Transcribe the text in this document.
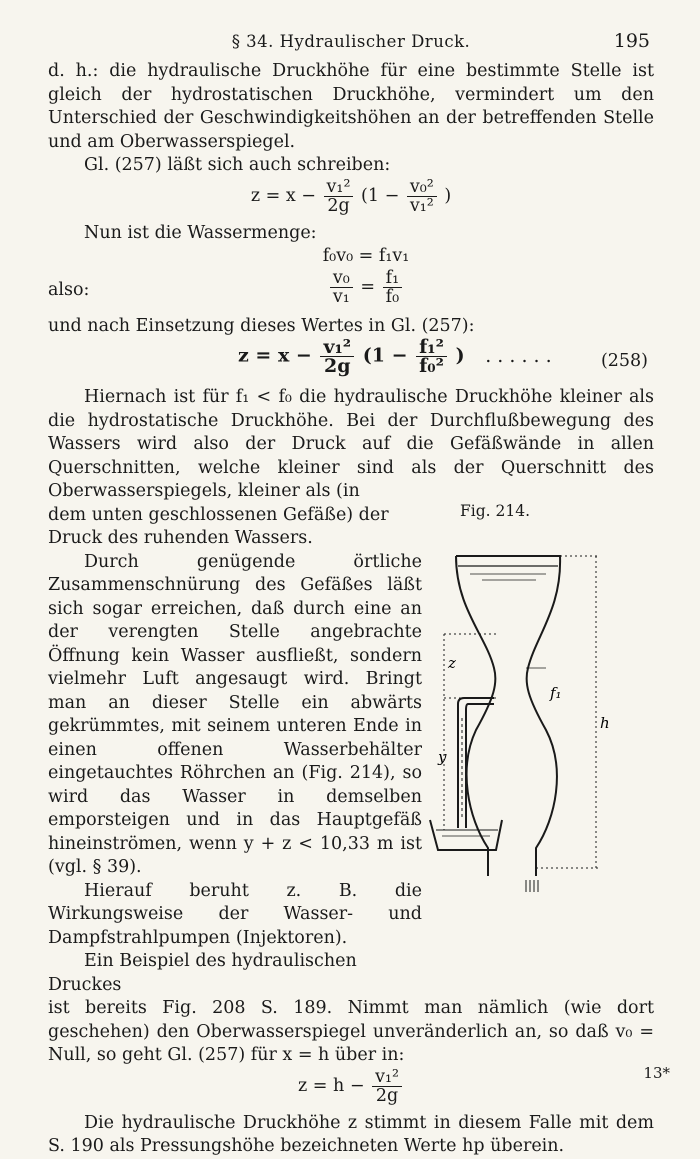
§ 34. Hydraulischer Druck.	195

d. h.: die hydraulische Druckhöhe für eine bestimmte Stelle ist gleich der hydrostatischen Druckhöhe, vermindert um den Unterschied der Geschwindigkeitshöhen an der betreffenden Stelle und am Oberwasserspiegel.

Gl. (257) läßt sich auch schreiben:

$z = x - \frac{\text{v₁²}}{2g} (1 - \frac{\text{v₀²}}{\text{v₁²}}$ )

Nun ist die Wassermenge:

f₀v₀ = f₁v₁
also:	$\frac{\text{v₀}}{\text{v₁}} = \frac{\text{f₁}}{\text{f₀}}$

und nach Einsetzung dieses Wertes in Gl. (257):

$z = x - \frac{\text{v₁²}}{2g} (1 - \frac{\text{f₁²}}{\text{f₀²}}$ ) . . . . . .	(258)

Hiernach ist für f₁ < f₀ die hydraulische Druckhöhe kleiner als die hydrostatische Druckhöhe. Bei der Durchflußbewegung des Wassers wird also der Druck auf die Gefäßwände in allen Querschnitten, welche kleiner sind als der Querschnitt des Oberwasserspiegels, kleiner als (in

dem unten geschlossenen Gefäße) der Druck des ruhenden Wassers.

Durch genügende örtliche Zusammenschnürung des Gefäßes läßt sich sogar erreichen, daß durch eine an der verengten Stelle angebrachte Öffnung kein Wasser ausfließt, sondern vielmehr Luft angesaugt wird. Bringt man an dieser Stelle ein abwärts gekrümmtes, mit seinem unteren Ende in einen offenen Wasserbehälter eingetauchtes Röhrchen an (Fig. 214), so wird das Wasser in demselben emporsteigen und in das Hauptgefäß hineinströmen, wenn y + z < 10,33 m ist (vgl. § 39).

Hierauf beruht z. B. die Wirkungsweise der Wasser- und Dampfstrahlpumpen (Injektoren).

Ein Beispiel des hydraulischen Druckes

ist bereits Fig. 208 S. 189. Nimmt man nämlich (wie dort geschehen) den Oberwasserspiegel unveränderlich an, so daß v₀ = Null, so geht Gl. (257) für x = h über in:

$z = h - \frac{\text{v₁²}}{2g}$

Die hydraulische Druckhöhe z stimmt in diesem Falle mit dem S. 190 als Pressungshöhe bezeichneten Werte hp überein.

Fig. 214.
z
f₁
y
h
13*
